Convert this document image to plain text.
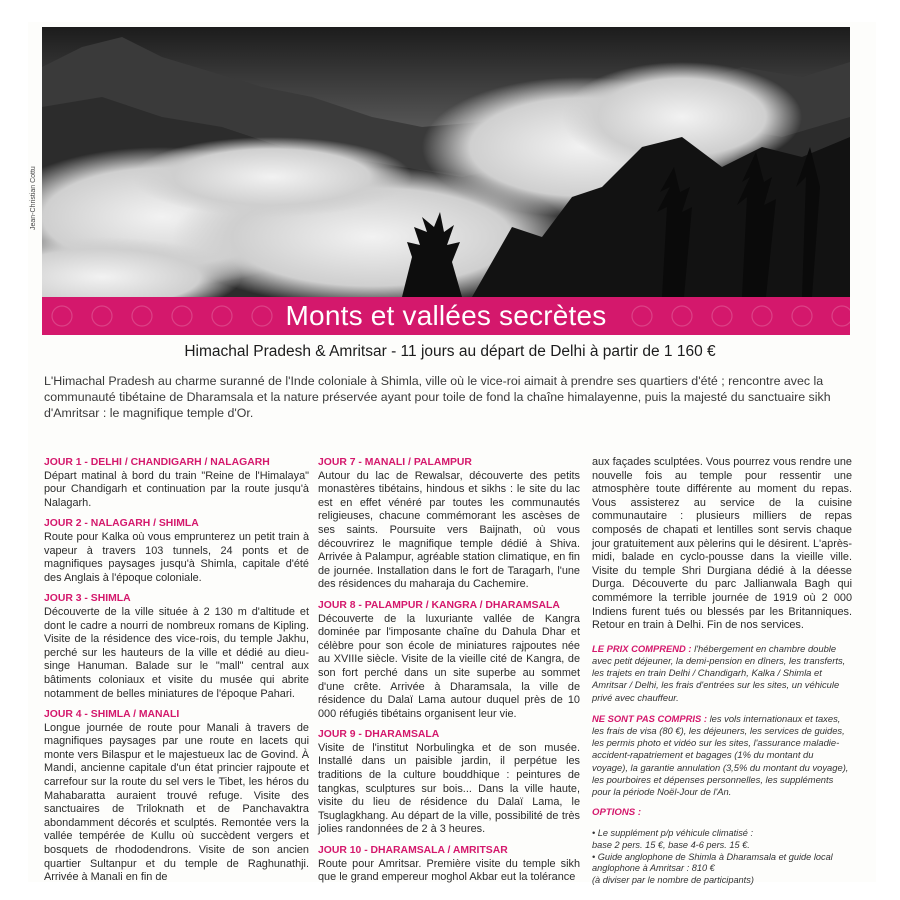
Jean-Christian Cottu
Monts et vallées secrètes
Himachal Pradesh & Amritsar - 11 jours au départ de Delhi à partir de 1 160 €
L'Himachal Pradesh au charme suranné de l'Inde coloniale à Shimla, ville où le vice-roi aimait à prendre ses quartiers d'été ; rencontre avec la communauté tibétaine de Dharamsala et la nature préservée ayant pour toile de fond la chaîne himalayenne, puis la majesté du sanctuaire sikh d'Amritsar : le magnifique temple d'Or.

JOUR 1 - DELHI / CHANDIGARH / NALAGARH

Départ matinal à bord du train "Reine de l'Himalaya" pour Chandigarh et continuation par la route jusqu'à Nalagarh.

JOUR 2 - NALAGARH / SHIMLA

Route pour Kalka où vous emprunterez un petit train à vapeur à travers 103 tunnels, 24 ponts et de magnifiques paysages jusqu'à Shimla, capitale d'été des Anglais à l'époque coloniale.

JOUR 3 - SHIMLA

Découverte de la ville située à 2 130 m d'altitude et dont le cadre a nourri de nombreux romans de Kipling. Visite de la résidence des vice-rois, du temple Jakhu, perché sur les hauteurs de la ville et dédié au dieu-singe Hanuman. Balade sur le "mall" central aux bâtiments coloniaux et visite du musée qui abrite notamment de belles miniatures de l'époque Pahari.

JOUR 4 - SHIMLA / MANALI

Longue journée de route pour Manali à travers de magnifiques paysages par une route en lacets qui monte vers Bilaspur et le majestueux lac de Govind. À Mandi, ancienne capitale d'un état princier rajpoute et carrefour sur la route du sel vers le Tibet, les héros du Mahabaratta auraient trouvé refuge. Visite des sanctuaires de Triloknath et de Panchavaktra abondamment décorés et sculptés. Remontée vers la vallée tempérée de Kullu où succèdent vergers et bosquets de rhododendrons. Visite de son ancien quartier Sultanpur et du temple de Raghunathji. Arrivée à Manali en fin de

JOUR 7 - MANALI / PALAMPUR

Autour du lac de Rewalsar, découverte des petits monastères tibétains, hindous et sikhs : le site du lac est en effet vénéré par toutes les communautés religieuses, chacune commémorant les ascèses de ses saints. Poursuite vers Baijnath, où vous découvrirez le magnifique temple dédié à Shiva. Arrivée à Palampur, agréable station climatique, en fin de journée. Installation dans le fort de Taragarh, l'une des résidences du maharaja du Cachemire.

JOUR 8 - PALAMPUR / KANGRA / DHARAMSALA

Découverte de la luxuriante vallée de Kangra dominée par l'imposante chaîne du Dahula Dhar et célèbre pour son école de miniatures rajpoutes née au XVIIIe siècle. Visite de la vieille cité de Kangra, de son fort perché dans un site superbe au sommet d'une crête. Arrivée à Dharamsala, la ville de résidence du Dalaï Lama autour duquel près de 10 000 réfugiés tibétains organisent leur vie.

JOUR 9 - DHARAMSALA

Visite de l'institut Norbulingka et de son musée. Installé dans un paisible jardin, il perpétue les traditions de la culture bouddhique : peintures de tangkas, sculptures sur bois... Dans la ville haute, visite du lieu de résidence du Dalaï Lama, le Tsuglagkhang. Au départ de la ville, possibilité de très jolies randonnées de 2 à 3 heures.

JOUR 10 - DHARAMSALA / AMRITSAR

Route pour Amritsar. Première visite du temple sikh que le grand empereur moghol Akbar eut la tolérance

aux façades sculptées. Vous pourrez vous rendre une nouvelle fois au temple pour ressentir une atmosphère toute différente au moment du repas. Vous assisterez au service de la cuisine communautaire : plusieurs milliers de repas composés de chapati et lentilles sont servis chaque jour gratuitement aux pèlerins qui le désirent. L'après-midi, balade en cyclo-pousse dans la vieille ville. Visite du temple Shri Durgiana dédié à la déesse Durga. Découverte du parc Jallianwala Bagh qui commémore la terrible journée de 1919 où 2 000 Indiens furent tués ou blessés par les Britanniques. Retour en train à Delhi. Fin de nos services.

LE PRIX COMPREND : l'hébergement en chambre double avec petit déjeuner, la demi-pension en dîners, les transferts, les trajets en train Delhi / Chandigarh, Kalka / Shimla et Amritsar / Delhi, les frais d'entrées sur les sites, un véhicule privé avec chauffeur.

NE SONT PAS COMPRIS : les vols internationaux et taxes, les frais de visa (80 €), les déjeuners, les services de guides, les permis photo et vidéo sur les sites, l'assurance maladie-accident-rapatriement et bagages (1% du montant du voyage), la garantie annulation (3,5% du montant du voyage), les pourboires et dépenses personnelles, les suppléments pour la période Noël-Jour de l'An.

OPTIONS :

• Le supplément p/p véhicule climatisé :
base 2 pers. 15 €, base 4-6 pers. 15 €.
• Guide anglophone de Shimla à Dharamsala et guide local
anglophone à Amritsar : 810 €
(à diviser par le nombre de participants)
